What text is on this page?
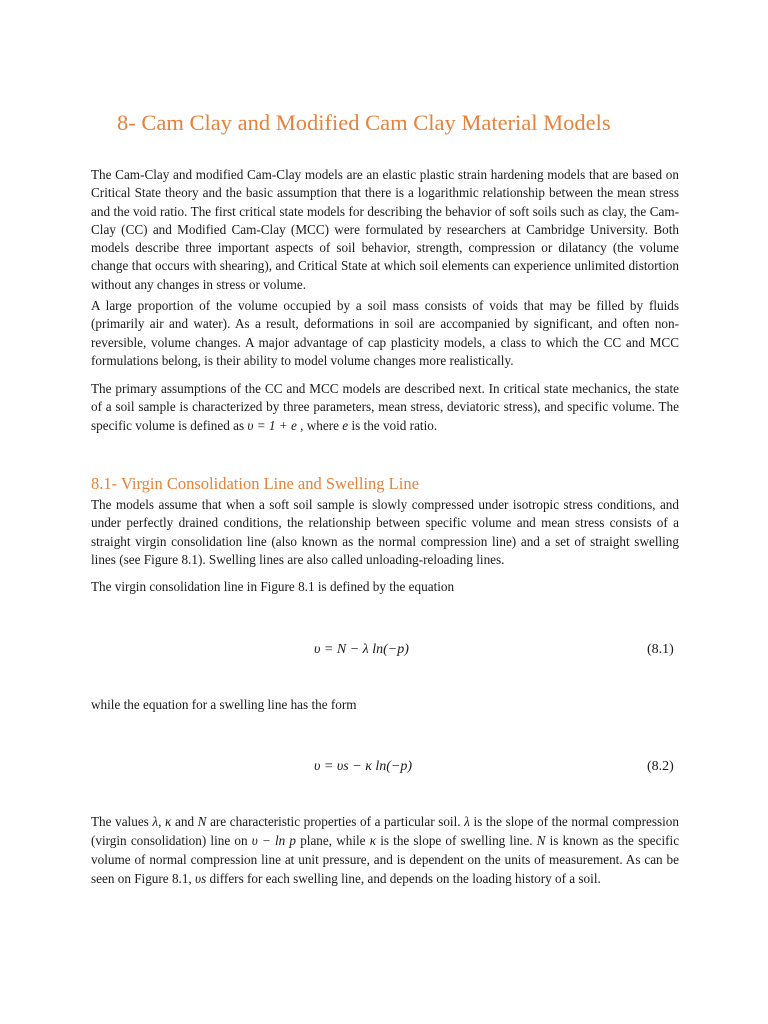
8- Cam Clay and Modified Cam Clay Material Models

The Cam-Clay and modified Cam-Clay models are an elastic plastic strain hardening models that are based on Critical State theory and the basic assumption that there is a logarithmic relationship between the mean stress and the void ratio. The first critical state models for describing the behavior of soft soils such as clay, the Cam-Clay (CC) and Modified Cam-Clay (MCC) were formulated by researchers at Cambridge University. Both models describe three important aspects of soil behavior, strength, compression or dilatancy (the volume change that occurs with shearing), and Critical State at which soil elements can experience unlimited distortion without any changes in stress or volume.

A large proportion of the volume occupied by a soil mass consists of voids that may be filled by fluids (primarily air and water). As a result, deformations in soil are accompanied by significant, and often non-reversible, volume changes. A major advantage of cap plasticity models, a class to which the CC and MCC formulations belong, is their ability to model volume changes more realistically.

The primary assumptions of the CC and MCC models are described next. In critical state mechanics, the state of a soil sample is characterized by three parameters, mean stress, deviatoric stress), and specific volume. The specific volume is defined as υ = 1 + e , where e is the void ratio.

8.1- Virgin Consolidation Line and Swelling Line

The models assume that when a soft soil sample is slowly compressed under isotropic stress conditions, and under perfectly drained conditions, the relationship between specific volume and mean stress consists of a straight virgin consolidation line (also known as the normal compression line) and a set of straight swelling lines (see Figure 8.1). Swelling lines are also called unloading-reloading lines.

The virgin consolidation line in Figure 8.1 is defined by the equation

υ = N − λ ln(−p)	(8.1)

while the equation for a swelling line has the form

υ = υs − κ ln(−p)	(8.2)

The values λ, κ and N are characteristic properties of a particular soil. λ is the slope of the normal compression (virgin consolidation) line on υ − ln p plane, while κ is the slope of swelling line. N is known as the specific volume of normal compression line at unit pressure, and is dependent on the units of measurement. As can be seen on Figure 8.1, υs differs for each swelling line, and depends on the loading history of a soil.
